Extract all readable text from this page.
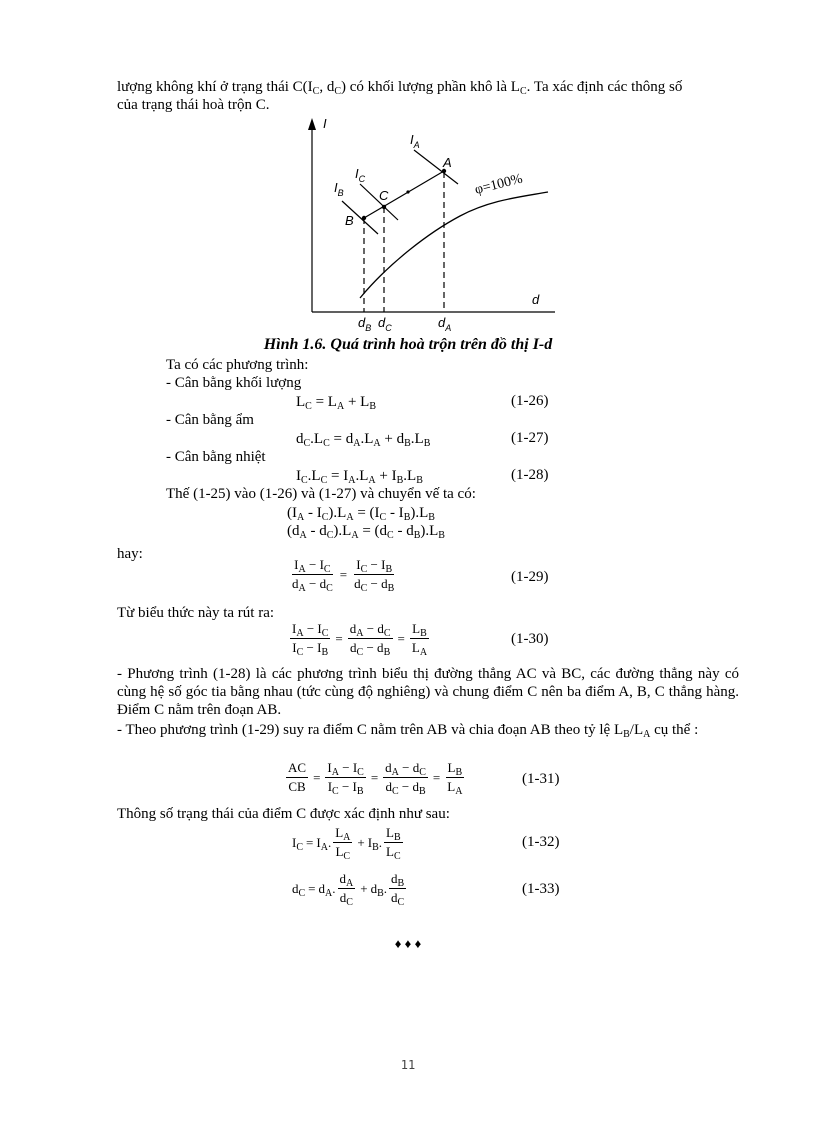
lượng không khí ở trạng thái $C(I_C$, $d_C$) có khối lượng phần khô là $L_C$. Ta xác định các thông số
của trạng thái hoà trộn C.
I
d
$I_A$
$I_C$
$I_B$
A
C
B
$d_B$ $d_C$	$d_A$
φ=100%
Hình 1.6. Quá trình hoà trộn trên đồ thị I-d
Ta có các phương trình:
- Cân bằng khối lượng
$L_C = L_A + L_B$	(1-26)
- Cân bằng ẩm
$d_C.L_C = d_A.L_A + d_B.L_B$	(1-27)
- Cân bằng nhiệt
$I_C.L_C = I_A.L_A + I_B.L_B$	(1-28)
Thế (1-25) vào (1-26) và (1-27) và chuyển vế ta có:
$(I_A - I_C).L_A = (I_C - I_B).L_B$
$(d_A - d_C).L_A = (d_C - d_B).L_B$
hay:
$\frac{I_A - I_C}{d_A - d_C} = \frac{I_C - I_B}{d_C - d_B}$	(1-29)
Từ biểu thức này ta rút ra:
$\frac{I_A - I_C}{I_C - I_B} = \frac{d_A - d_C}{d_C - d_B} = \frac{L_B}{L_A}$	(1-30)
- Phương trình (1-28) là các phương trình biểu thị đường thẳng AC và BC, các đường thẳng này có cùng hệ số góc tia bằng nhau (tức cùng độ nghiêng) và chung điểm C nên ba điểm A, B, C thẳng hàng. Điểm C nằm trên đoạn AB.
- Theo phương trình (1-29) suy ra điểm C nằm trên AB và chia đoạn AB theo tỷ lệ $L_B/L_A$ cụ thể :
$\frac{AC}{CB} = \frac{I_A - I_C}{I_C - I_B} = \frac{d_A - d_C}{d_C - d_B} = \frac{L_B}{L_A}$	(1-31)
Thông số trạng thái của điểm C được xác định như sau:
$I_C = I_A$. $\frac{L_A}{L_C} + I_B$. $\frac{L_B}{L_C}$	(1-32)
$d_C = d_A$. $\frac{d_A}{d_C} + d_B$. $\frac{d_B}{d_C}$	(1-33)
♦ ♦ ♦
11
